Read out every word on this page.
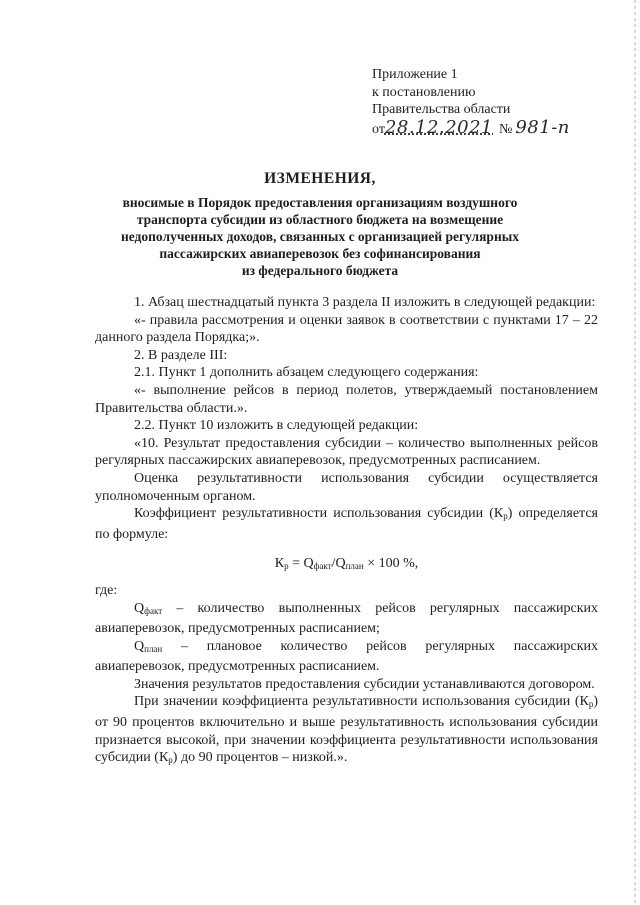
Приложение 1
к постановлению
Правительства области
от28.12.2021 № 981-п
ИЗМЕНЕНИЯ,
вносимые в Порядок предоставления организациям воздушного
транспорта субсидии из областного бюджета на возмещение
недополученных доходов, связанных с организацией регулярных
пассажирских авиаперевозок без софинансирования
из федерального бюджета

1. Абзац шестнадцатый пункта 3 раздела II изложить в следующей редакции:

«- правила рассмотрения и оценки заявок в соответствии с пунктами 17 – 22 данного раздела Порядка;».

2. В разделе III:

2.1. Пункт 1 дополнить абзацем следующего содержания:

«- выполнение рейсов в период полетов, утверждаемый постановлением Правительства области.».

2.2. Пункт 10 изложить в следующей редакции:

«10. Результат предоставления субсидии – количество выполненных рейсов регулярных пассажирских авиаперевозок, предусмотренных расписанием.

Оценка результативности использования субсидии осуществляется уполномоченным органом.

Коэффициент результативности использования субсидии $(К_р)$ определяется по формуле:

$К_р = Q_{факт}/Q_{план} \times 100$ %,

где:

$Q_{факт}$ – количество выполненных рейсов регулярных пассажирских авиаперевозок, предусмотренных расписанием;

$Q_{план}$ – плановое количество рейсов регулярных пассажирских авиаперевозок, предусмотренных расписанием.

Значения результатов предоставления субсидии устанавливаются договором.

При значении коэффициента результативности использования субсидии $(К_р)$ от 90 процентов включительно и выше результативность использования субсидии признается высокой, при значении коэффициента результативности использования субсидии $(К_р)$ до 90 процентов – низкой.».
